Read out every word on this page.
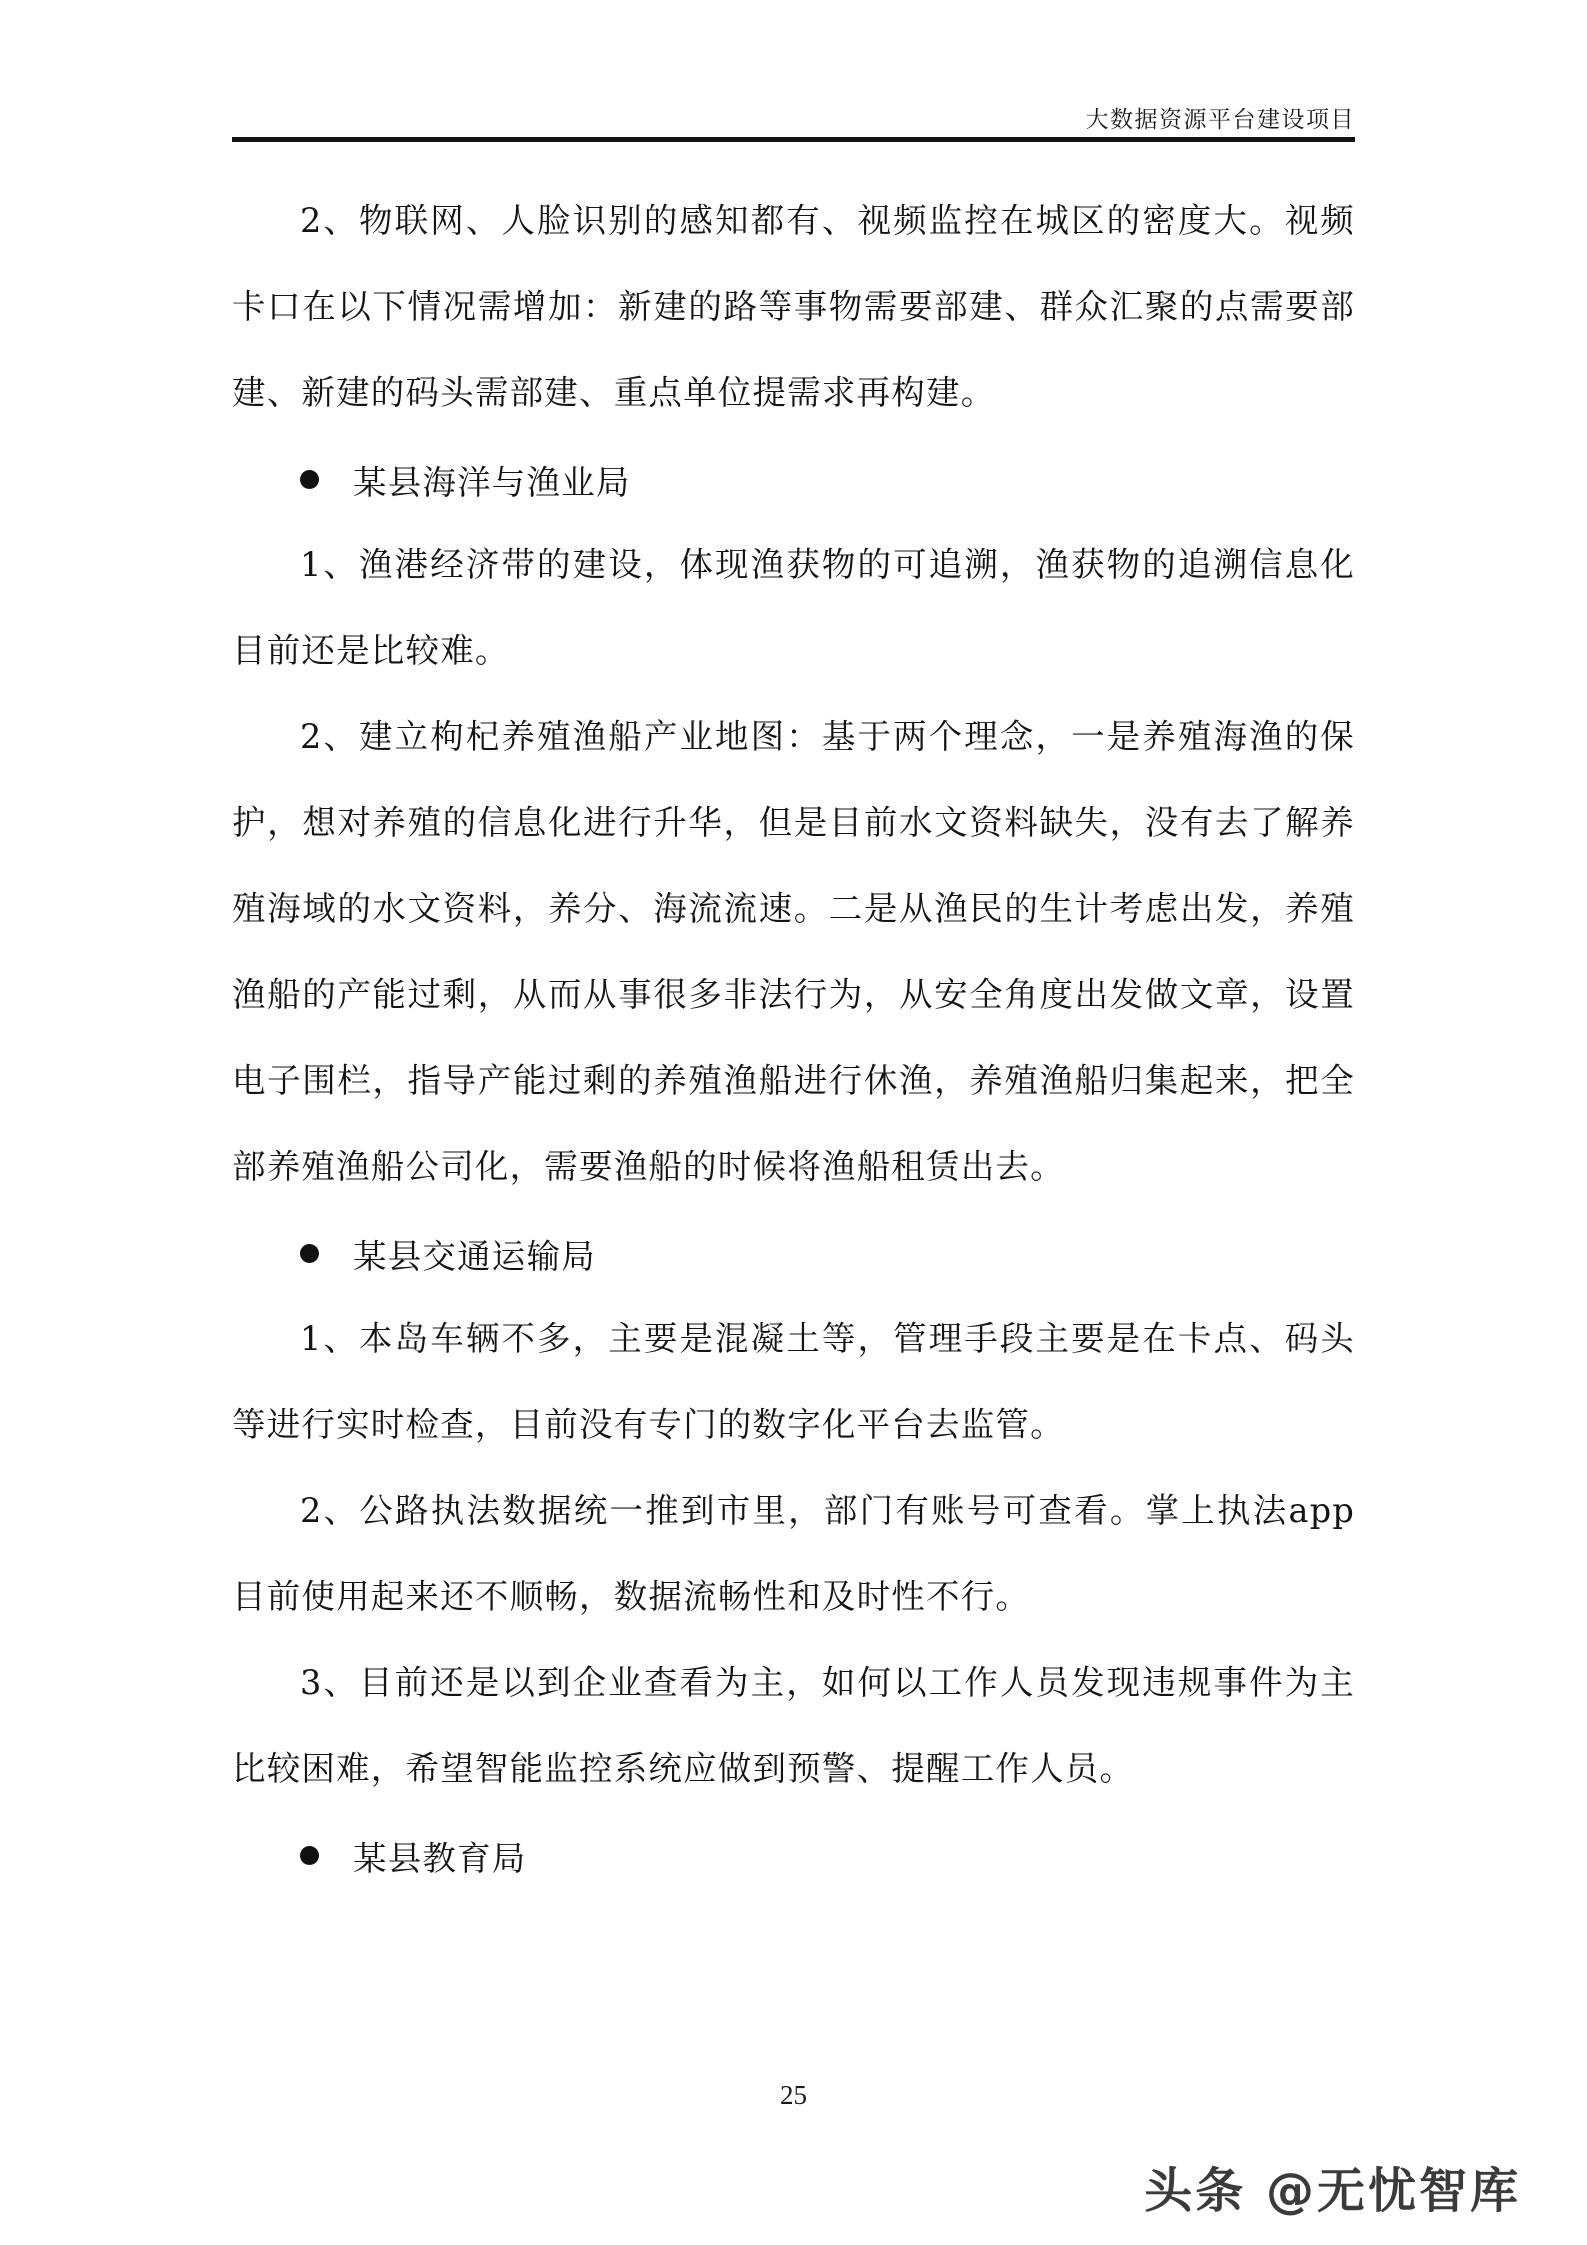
大数据资源平台建设项目

2、物联网、人脸识别的感知都有、视频监控在城区的密度大。视频卡口在以下情况需增加：新建的路等事物需要部建、群众汇聚的点需要部建、新建的码头需部建、重点单位提需求再构建。

某县海洋与渔业局

1、渔港经济带的建设，体现渔获物的可追溯，渔获物的追溯信息化目前还是比较难。

2、建立枸杞养殖渔船产业地图：基于两个理念，一是养殖海渔的保护，想对养殖的信息化进行升华，但是目前水文资料缺失，没有去了解养殖海域的水文资料，养分、海流流速。二是从渔民的生计考虑出发，养殖渔船的产能过剩，从而从事很多非法行为，从安全角度出发做文章，设置电子围栏，指导产能过剩的养殖渔船进行休渔，养殖渔船归集起来，把全部养殖渔船公司化，需要渔船的时候将渔船租赁出去。

某县交通运输局

1、本岛车辆不多，主要是混凝土等，管理手段主要是在卡点、码头等进行实时检查，目前没有专门的数字化平台去监管。

2、公路执法数据统一推到市里，部门有账号可查看。掌上执法app 目前使用起来还不顺畅，数据流畅性和及时性不行。

3、目前还是以到企业查看为主，如何以工作人员发现违规事件为主比较困难，希望智能监控系统应做到预警、提醒工作人员。

某县教育局
25
头条 @无忧智库
